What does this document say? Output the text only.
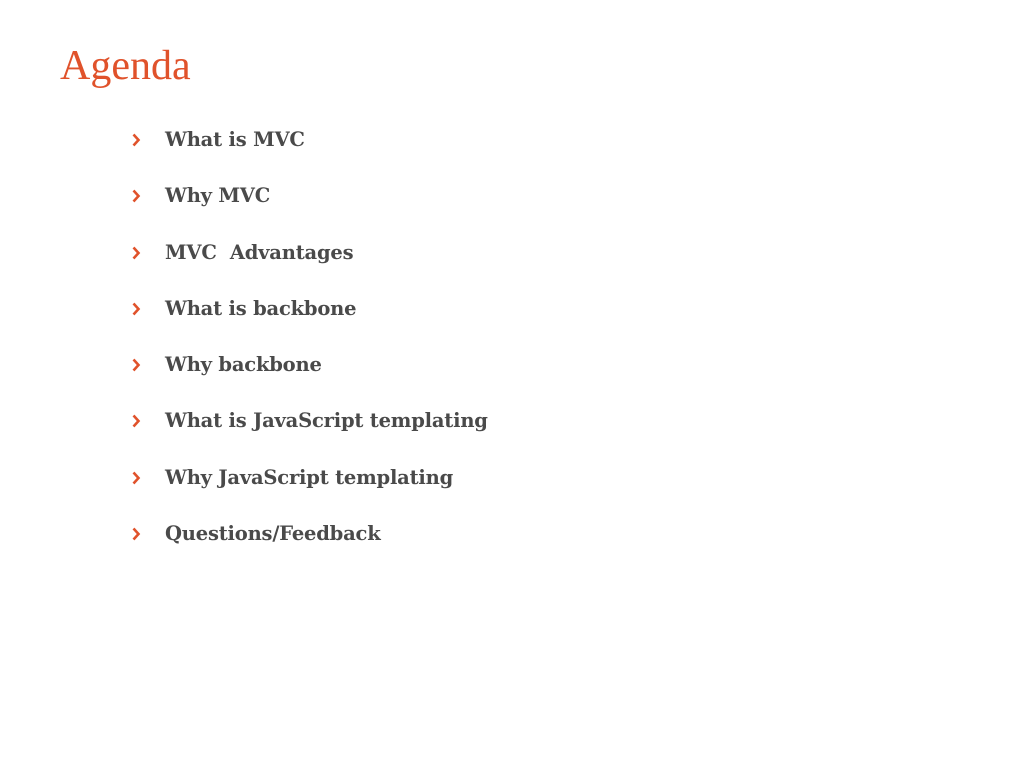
Agenda
What is MVC
Why MVC
MVC  Advantages
What is backbone
Why backbone
What is JavaScript templating
Why JavaScript templating
Questions/Feedback
